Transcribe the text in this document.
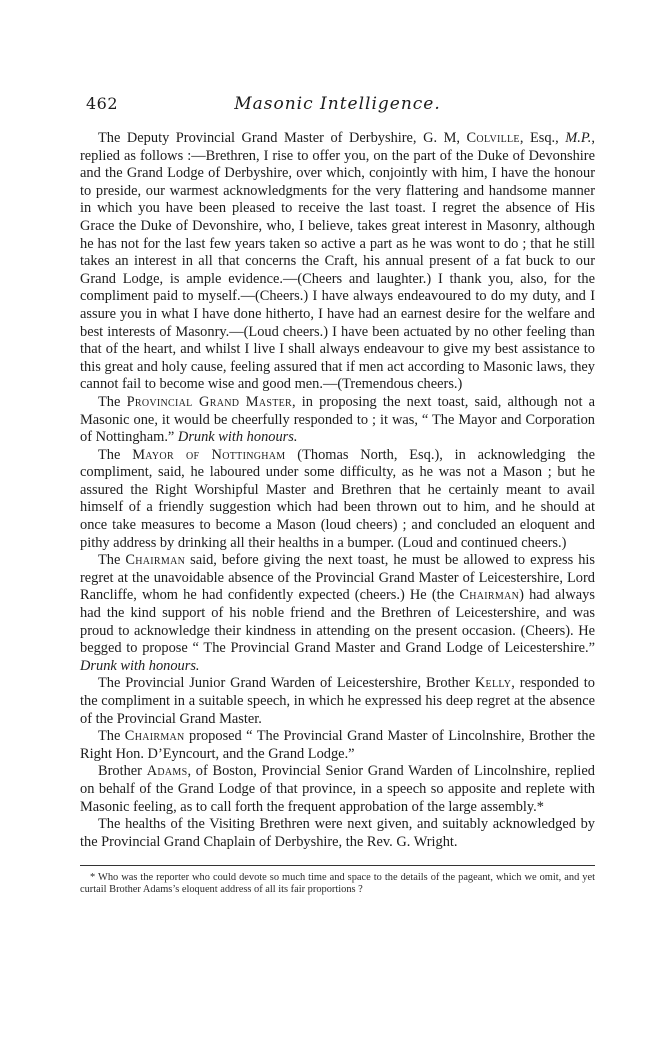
462	Masonic Intelligence.

The Deputy Provincial Grand Master of Derbyshire, G. M, Colville, Esq., M.P., replied as follows :—Brethren, I rise to offer you, on the part of the Duke of Devonshire and the Grand Lodge of Derbyshire, over which, conjointly with him, I have the honour to preside, our warmest acknowledgments for the very flattering and handsome manner in which you have been pleased to receive the last toast. I regret the absence of His Grace the Duke of Devonshire, who, I believe, takes great interest in Masonry, although he has not for the last few years taken so active a part as he was wont to do ; that he still takes an interest in all that concerns the Craft, his annual present of a fat buck to our Grand Lodge, is ample evidence.—(Cheers and laughter.) I thank you, also, for the compliment paid to myself.—(Cheers.) I have always endeavoured to do my duty, and I assure you in what I have done hitherto, I have had an earnest desire for the welfare and best interests of Masonry.—(Loud cheers.) I have been actuated by no other feeling than that of the heart, and whilst I live I shall always endeavour to give my best assistance to this great and holy cause, feeling assured that if men act according to Masonic laws, they cannot fail to become wise and good men.—(Tremendous cheers.)

The Provincial Grand Master, in proposing the next toast, said, although not a Masonic one, it would be cheerfully responded to ; it was, “ The Mayor and Corporation of Nottingham.” Drunk with honours.

The Mayor of Nottingham (Thomas North, Esq.), in acknowledging the compliment, said, he laboured under some difficulty, as he was not a Mason ; but he assured the Right Worshipful Master and Brethren that he certainly meant to avail himself of a friendly suggestion which had been thrown out to him, and he should at once take measures to become a Mason (loud cheers) ; and concluded an eloquent and pithy address by drinking all their healths in a bumper. (Loud and continued cheers.)

The Chairman said, before giving the next toast, he must be allowed to express his regret at the unavoidable absence of the Provincial Grand Master of Leicestershire, Lord Rancliffe, whom he had confidently expected (cheers.) He (the Chairman) had always had the kind support of his noble friend and the Brethren of Leicestershire, and was proud to acknowledge their kindness in attending on the present occasion. (Cheers). He begged to propose “ The Provincial Grand Master and Grand Lodge of Leicestershire.” Drunk with honours.

The Provincial Junior Grand Warden of Leicestershire, Brother Kelly, responded to the compliment in a suitable speech, in which he expressed his deep regret at the absence of the Provincial Grand Master.

The Chairman proposed “ The Provincial Grand Master of Lincolnshire, Brother the Right Hon. D’Eyncourt, and the Grand Lodge.”

Brother Adams, of Boston, Provincial Senior Grand Warden of Lincolnshire, replied on behalf of the Grand Lodge of that province, in a speech so apposite and replete with Masonic feeling, as to call forth the frequent approbation of the large assembly.*

The healths of the Visiting Brethren were next given, and suitably acknowledged by the Provincial Grand Chaplain of Derbyshire, the Rev. G. Wright.

* Who was the reporter who could devote so much time and space to the details of the pageant, which we omit, and yet curtail Brother Adams’s eloquent address of all its fair proportions ?
